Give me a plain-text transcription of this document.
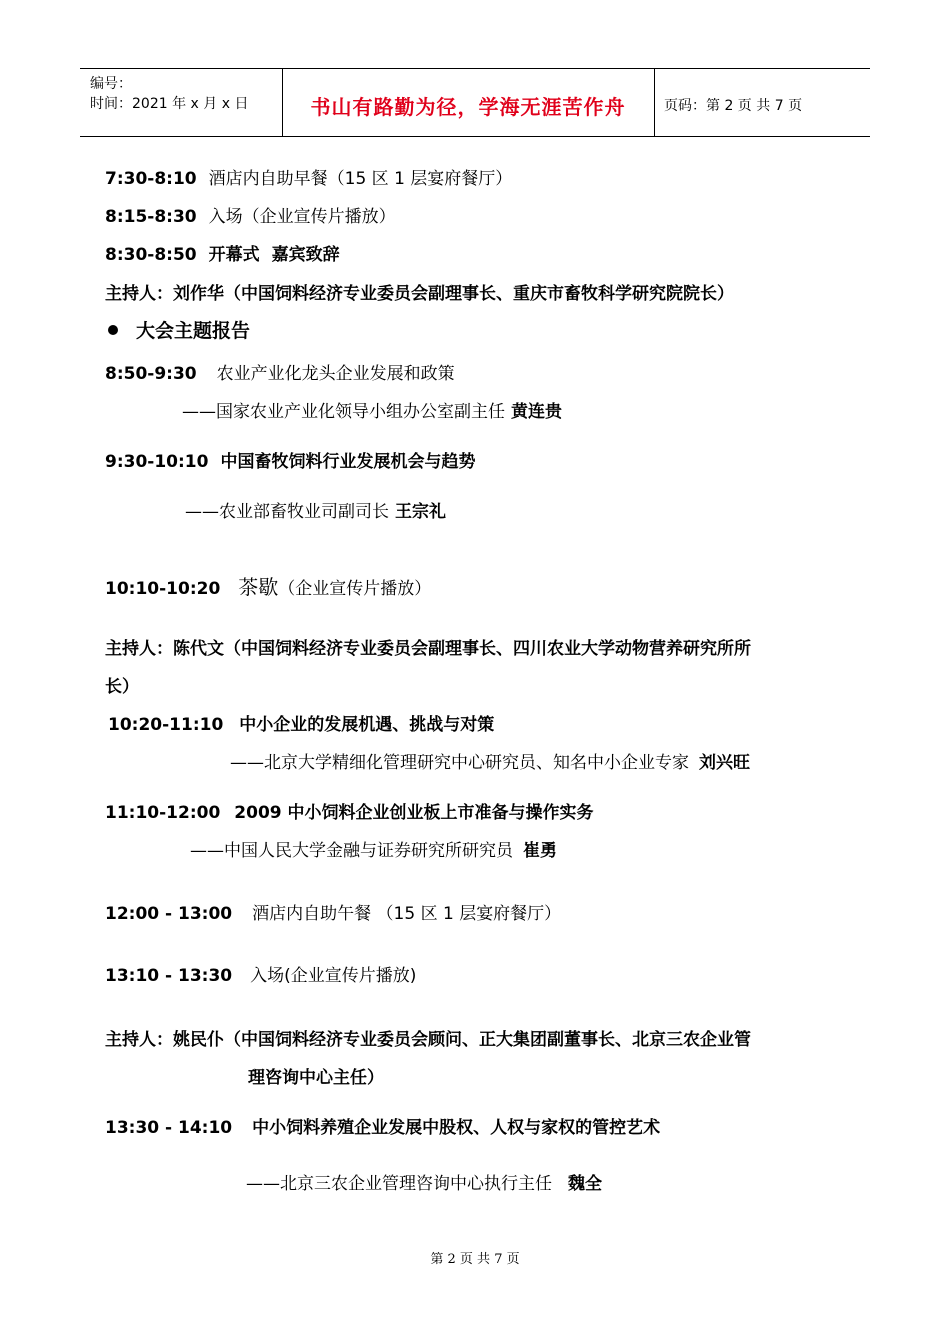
编号：
时间：2021 年 x 月 x 日	书山有路勤为径，学海无涯苦作舟	页码：第 2 页 共 7 页
7:30-8:10 酒店内自助早餐（15 区 1 层宴府餐厅）
8:15-8:30 入场（企业宣传片播放）
8:30-8:50 开幕式 嘉宾致辞
主持人：刘作华（中国饲料经济专业委员会副理事长、重庆市畜牧科学研究院院长）
大会主题报告
8:50-9:30 农业产业化龙头企业发展和政策
——国家农业产业化领导小组办公室副主任 黄连贵
9:30-10:10 中国畜牧饲料行业发展机会与趋势
——农业部畜牧业司副司长 王宗礼
10:10-10:20 茶歇（企业宣传片播放）
主持人：陈代文（中国饲料经济专业委员会副理事长、四川农业大学动物营养研究所所
长）
10:20-11:10 中小企业的发展机遇、挑战与对策
——北京大学精细化管理研究中心研究员、知名中小企业专家 刘兴旺
11:10-12:00 2009 中小饲料企业创业板上市准备与操作实务
——中国人民大学金融与证券研究所研究员 崔勇
12:00 - 13:00 酒店内自助午餐 （15 区 1 层宴府餐厅）
13:10 - 13:30 入场(企业宣传片播放)
主持人：姚民仆（中国饲料经济专业委员会顾问、正大集团副董事长、北京三农企业管
理咨询中心主任）
13:30 - 14:10 中小饲料养殖企业发展中股权、人权与家权的管控艺术
——北京三农企业管理咨询中心执行主任 魏全
第 2 页 共 7 页
